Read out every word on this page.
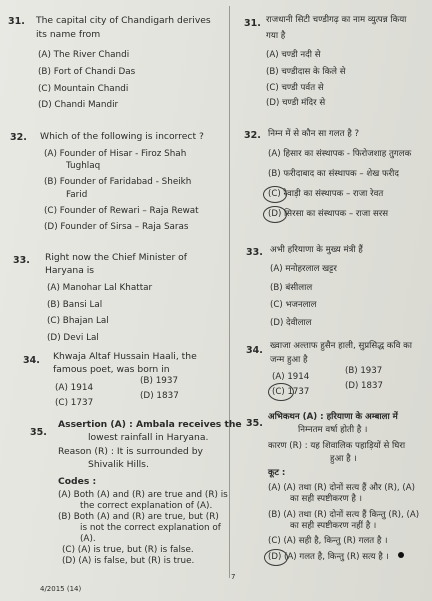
31. The capital city of Chandigarh derives
its name from
(A) The River Chandi
(B) Fort of Chandi Das
(C) Mountain Chandi
(D) Chandi Mandir
32. Which of the following is incorrect ?
(A) Founder of Hisar - Firoz Shah
Tughlaq
(B) Founder of Faridabad - Sheikh
Farid
(C) Founder of Rewari – Raja Rewat
(D) Founder of Sirsa – Raja Saras
33. Right now the Chief Minister of
Haryana is
(A) Manohar Lal Khattar
(B) Bansi Lal
(C) Bhajan Lal
(D) Devi Lal
34. Khwaja Altaf Hussain Haali, the
famous poet, was born in
(A) 1914
(B) 1937
(C) 1737
(D) 1837
35.
Assertion (A) : Ambala receives the
lowest rainfall in Haryana.
Reason (R) : It is surrounded by
Shivalik Hills.
Codes :
(A) Both (A) and (R) are true and (R) is
the correct explanation of (A).
(B) Both (A) and (R) are true, but (R)
is not the correct explanation of
(A).
(C) (A) is true, but (R) is false.
(D) (A) is false, but (R) is true.
4/2015 (14)
31. राजधानी सिटी चण्डीगढ़ का नाम व्युत्पन्न किया
गया है
(A) चण्डी नदी से
(B) चण्डीदास के किले से
(C) चण्डी पर्वत से
(D) चण्डी मंदिर से
32. निम्न में से कौन सा गलत है ?
(A) हिसार का संस्थापक - फिरोजशाह तुगलक
(B) फरीदाबाद का संस्थापक – शेख फरीद
(C) रेवाड़ी का संस्थापक – राजा रेवत
(D) सिरसा का संस्थापक – राजा सरस
33. अभी हरियाणा के मुख्य मंत्री हैं
(A) मनोहरलाल खट्टर
(B) बंसीलाल
(C) भजनलाल
(D) देवीलाल
34. ख्वाजा अल्ताफ हुसैन हाली, सुप्रसिद्ध कवि का
जन्म हुआ है
(A) 1914
(B) 1937
(C) 1737
(D) 1837
35.
अभिकथन (A) : हरियाणा के अम्बाला में
निम्नतम वर्षा होती है ।
कारण (R) : यह शिवालिक पहाड़ियों से घिरा
हुआ है ।
कूट :
(A) (A) तथा (R) दोनों सत्य हैं और (R), (A)
का सही स्पष्टीकरण है ।
(B) (A) तथा (R) दोनों सत्य हैं किन्तु (R), (A)
का सही स्पष्टीकरण नहीं है ।
(C) (A) सही है, किन्तु (R) गलत है ।
(D) (A) गलत है, किन्तु (R) सत्य है ।
7
